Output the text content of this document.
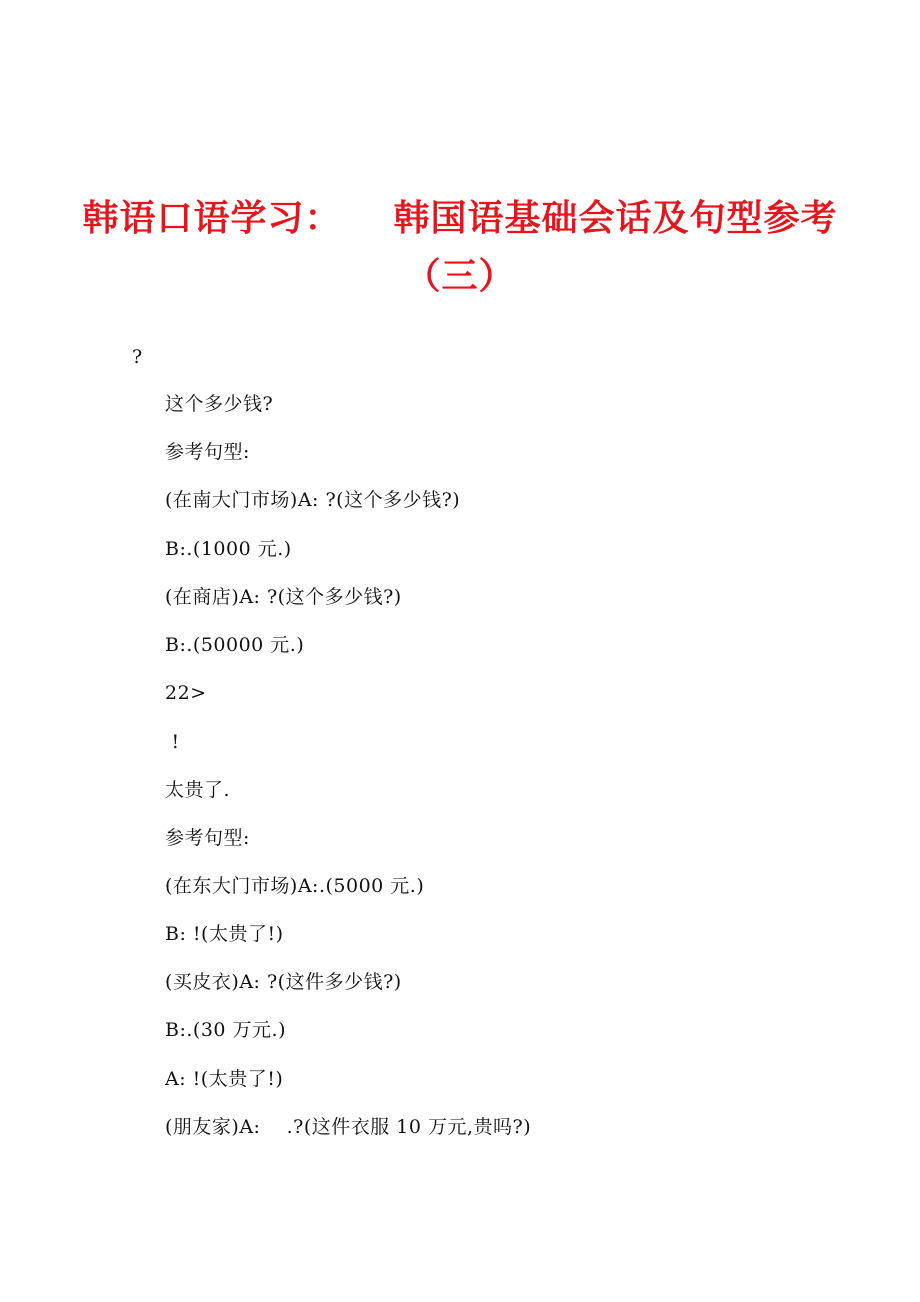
韩语口语学习： 韩国语基础会话及句型参考
（三）
?
这个多少钱?
参考句型:
(在南大门市场)A: ?(这个多少钱?)
B:.(1000 元.)
(在商店)A: ?(这个多少钱?)
B:.(50000 元.)
22>
!
太贵了.
参考句型:
(在东大门市场)A:.(5000 元.)
B: !(太贵了!)
(买皮衣)A: ?(这件多少钱?)
B:.(30 万元.)
A: !(太贵了!)
(朋友家)A:    .?(这件衣服 10 万元,贵吗?)
